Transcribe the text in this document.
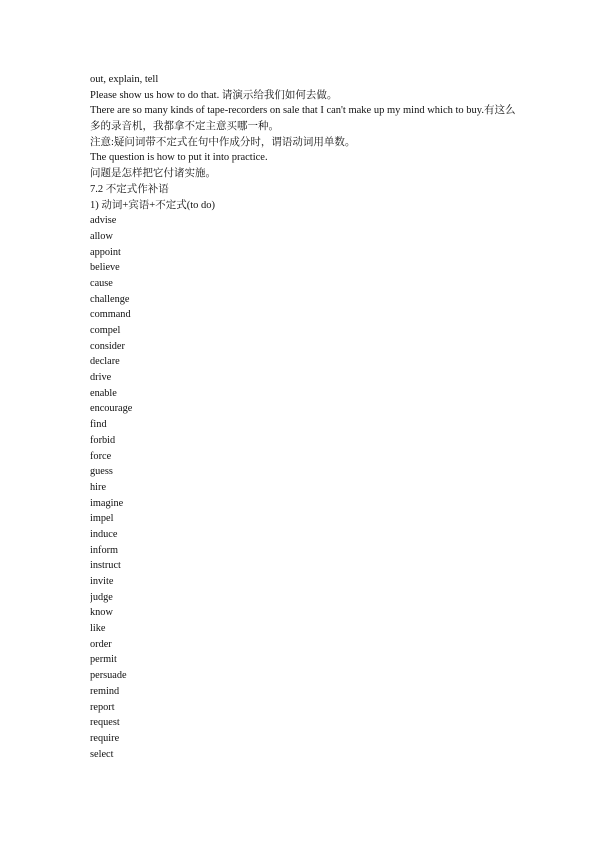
out, explain, tell
Please show us how to do that. 请演示给我们如何去做。
There are so many kinds of tape-recorders on sale that I can't make up my mind which to buy.有这么多的录音机，我都拿不定主意买哪一种。
注意:疑问词带不定式在句中作成分时，谓语动词用单数。
The question is how to put it into practice.
问题是怎样把它付诸实施。
7.2 不定式作补语
1) 动词+宾语+不定式(to do)
advise
allow
appoint
believe
cause
challenge
command
compel
consider
declare
drive
enable
encourage
find
forbid
force
guess
hire
imagine
impel
induce
inform
instruct
invite
judge
know
like
order
permit
persuade
remind
report
request
require
select
